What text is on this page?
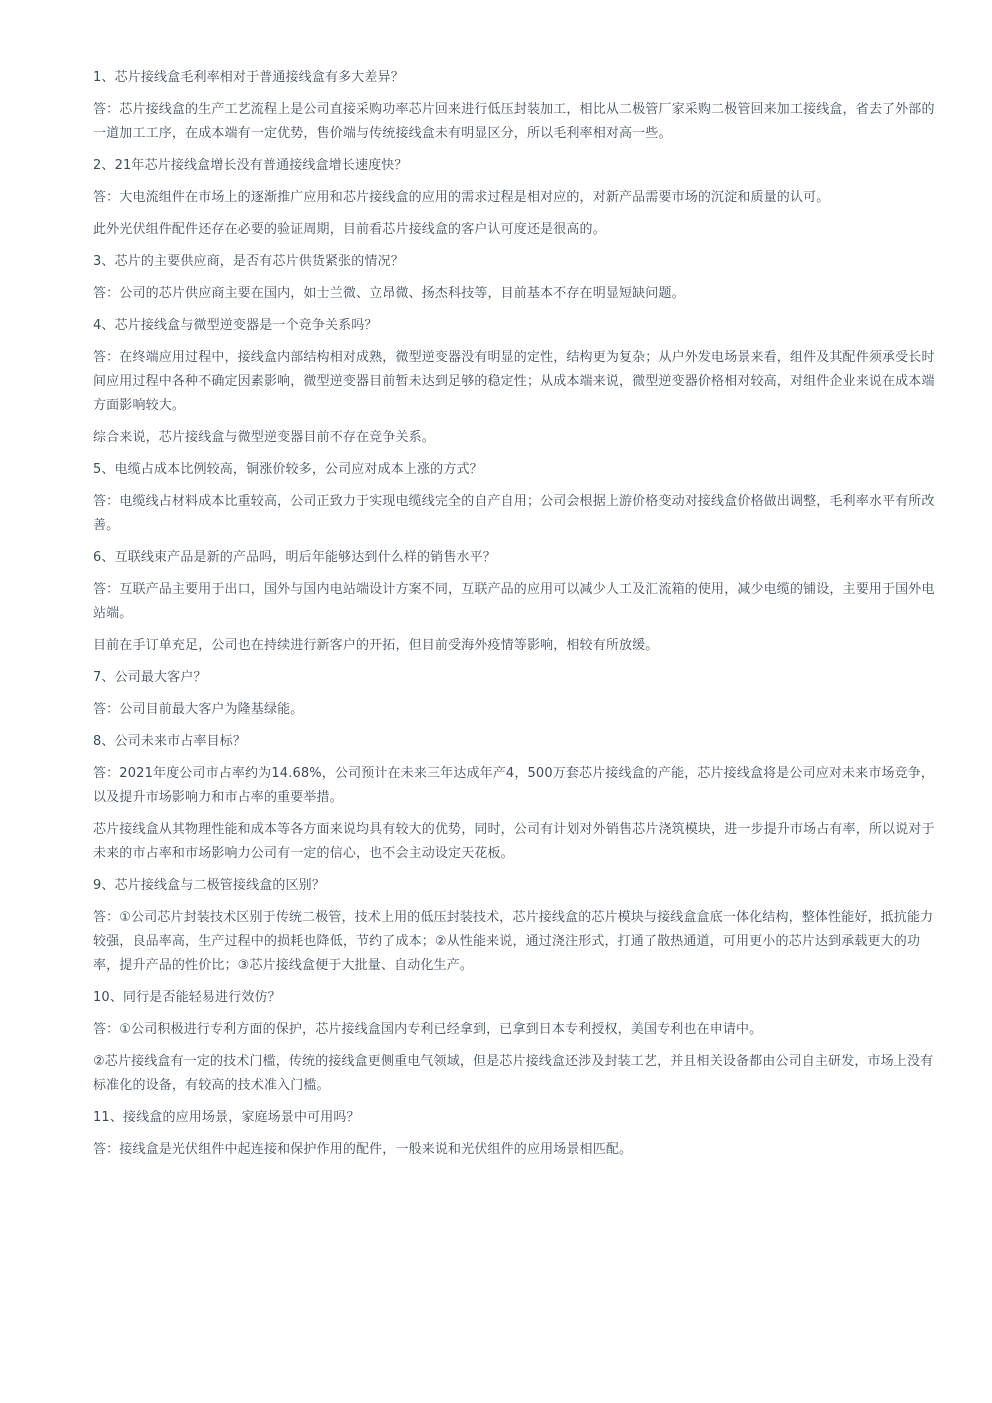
1、芯片接线盒毛利率相对于普通接线盒有多大差异？

答：芯片接线盒的生产工艺流程上是公司直接采购功率芯片回来进行低压封装加工，相比从二极管厂家采购二极管回来加工接线盒，省去了外部的一道加工工序，在成本端有一定优势，售价端与传统接线盒未有明显区分，所以毛利率相对高一些。

2、21年芯片接线盒增长没有普通接线盒增长速度快？

答：大电流组件在市场上的逐渐推广应用和芯片接线盒的应用的需求过程是相对应的，对新产品需要市场的沉淀和质量的认可。

此外光伏组件配件还存在必要的验证周期，目前看芯片接线盒的客户认可度还是很高的。

3、芯片的主要供应商，是否有芯片供货紧张的情况？

答：公司的芯片供应商主要在国内，如士兰微、立昂微、扬杰科技等，目前基本不存在明显短缺问题。

4、芯片接线盒与微型逆变器是一个竞争关系吗？

答：在终端应用过程中，接线盒内部结构相对成熟，微型逆变器没有明显的定性，结构更为复杂；从户外发电场景来看，组件及其配件须承受长时间应用过程中各种不确定因素影响，微型逆变器目前暂未达到足够的稳定性；从成本端来说，微型逆变器价格相对较高，对组件企业来说在成本端方面影响较大。

综合来说，芯片接线盒与微型逆变器目前不存在竞争关系。

5、电缆占成本比例较高，铜涨价较多，公司应对成本上涨的方式？

答：电缆线占材料成本比重较高，公司正致力于实现电缆线完全的自产自用；公司会根据上游价格变动对接线盒价格做出调整，毛利率水平有所改善。

6、互联线束产品是新的产品吗，明后年能够达到什么样的销售水平？

答：互联产品主要用于出口，国外与国内电站端设计方案不同，互联产品的应用可以减少人工及汇流箱的使用，减少电缆的铺设，主要用于国外电站端。

目前在手订单充足，公司也在持续进行新客户的开拓，但目前受海外疫情等影响，相较有所放缓。

7、公司最大客户？

答：公司目前最大客户为隆基绿能。

8、公司未来市占率目标？

答：2021年度公司市占率约为14.68%，公司预计在未来三年达成年产4，500万套芯片接线盒的产能，芯片接线盒将是公司应对未来市场竞争，以及提升市场影响力和市占率的重要举措。

芯片接线盒从其物理性能和成本等各方面来说均具有较大的优势，同时，公司有计划对外销售芯片浇筑模块，进一步提升市场占有率，所以说对于未来的市占率和市场影响力公司有一定的信心，也不会主动设定天花板。

9、芯片接线盒与二极管接线盒的区别？

答：①公司芯片封装技术区别于传统二极管，技术上用的低压封装技术，芯片接线盒的芯片模块与接线盒盒底一体化结构，整体性能好，抵抗能力较强，良品率高，生产过程中的损耗也降低，节约了成本；②从性能来说，通过浇注形式，打通了散热通道，可用更小的芯片达到承载更大的功率，提升产品的性价比；③芯片接线盒便于大批量、自动化生产。

10、同行是否能轻易进行效仿？

答：①公司积极进行专利方面的保护，芯片接线盒国内专利已经拿到，已拿到日本专利授权，美国专利也在申请中。

②芯片接线盒有一定的技术门槛，传统的接线盒更侧重电气领域，但是芯片接线盒还涉及封装工艺，并且相关设备都由公司自主研发，市场上没有标准化的设备，有较高的技术准入门槛。

11、接线盒的应用场景，家庭场景中可用吗？

答：接线盒是光伏组件中起连接和保护作用的配件，一般来说和光伏组件的应用场景相匹配。
